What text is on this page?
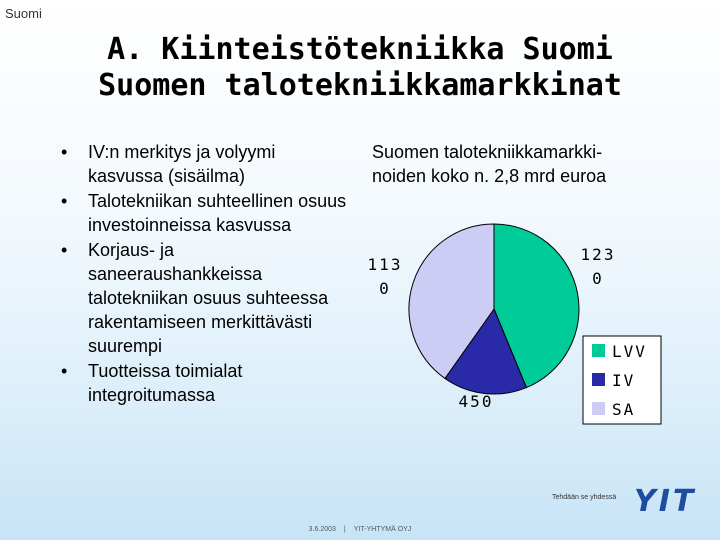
Suomi
A. Kiinteistötekniikka Suomi
Suomen talotekniikkamarkkinat
• IV:n merkitys ja volyymi kasvussa (sisäilma)
• Talotekniikan suhteellinen osuus investoinneissa kasvussa
• Korjaus- ja saneeraushankkeissa talotekniikan osuus suhteessa rakentamiseen merkittävästi suurempi
• Tuotteissa toimialat integroitumassa
Suomen talotekniikkamarkki-
noiden koko n. 2,8 mrd euroa
123 0
450
113 0
LVV
IV
SA
Tehdään se yhdessä YIT
3.6.2003 | YIT-YHTYMÄ OYJ
